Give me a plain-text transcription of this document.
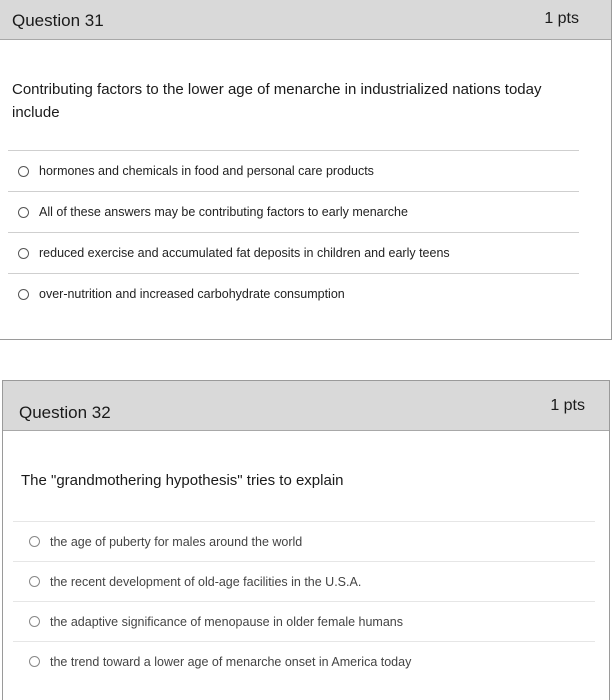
Question 31	1 pts
Contributing factors to the lower age of menarche in industrialized nations today include
hormones and chemicals in food and personal care products
All of these answers may be contributing factors to early menarche
reduced exercise and accumulated fat deposits in children and early teens
over-nutrition and increased carbohydrate consumption
Question 32	1 pts
The "grandmothering hypothesis" tries to explain
the age of puberty for males around the world
the recent development of old-age facilities in the U.S.A.
the adaptive significance of menopause in older female humans
the trend toward a lower age of menarche onset in America today
